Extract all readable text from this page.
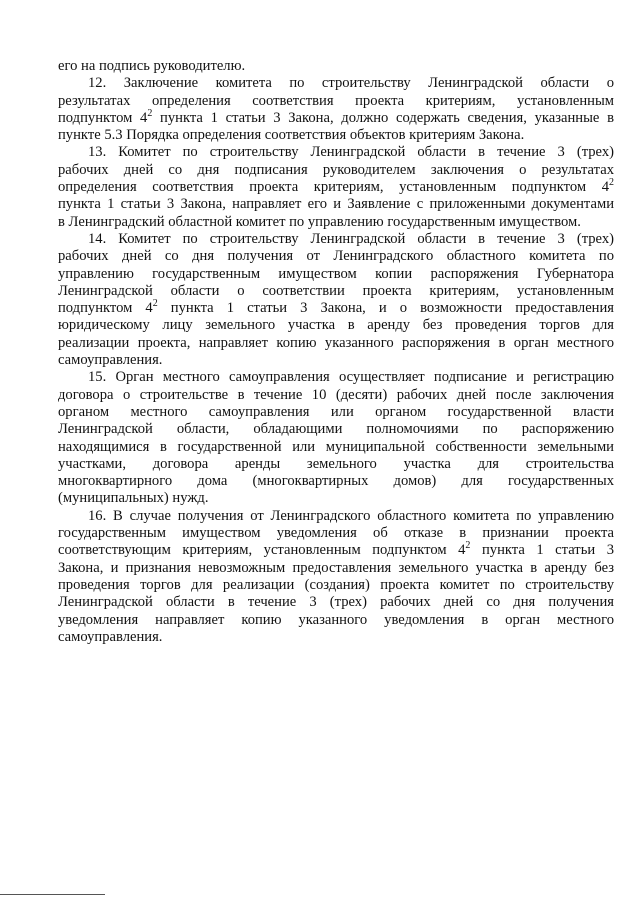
его на подпись руководителю.
12. Заключение комитета по строительству Ленинградской области о
результатах определения соответствия проекта критериям, установленным
подпунктом $4^2$ пункта 1 статьи 3 Закона, должно содержать сведения, указанные в
пункте 5.3 Порядка определения соответствия объектов критериям Закона.
13. Комитет по строительству Ленинградской области в течение 3 (трех)
рабочих дней со дня подписания руководителем заключения о результатах
определения соответствия проекта критериям, установленным подпунктом $4^2$
пункта 1 статьи 3 Закона, направляет его и Заявление с приложенными документами
в Ленинградский областной комитет по управлению государственным имуществом.
14. Комитет по строительству Ленинградской области в течение 3 (трех)
рабочих дней со дня получения от Ленинградского областного комитета по
управлению государственным имуществом копии распоряжения Губернатора
Ленинградской области о соответствии проекта критериям, установленным
подпунктом $4^2$ пункта 1 статьи 3 Закона, и о возможности предоставления
юридическому лицу земельного участка в аренду без проведения торгов для
реализации проекта, направляет копию указанного распоряжения в орган местного
самоуправления.
15. Орган местного самоуправления осуществляет подписание и регистрацию
договора о строительстве в течение 10 (десяти) рабочих дней после заключения
органом местного самоуправления или органом государственной власти
Ленинградской области, обладающими полномочиями по распоряжению
находящимися в государственной или муниципальной собственности земельными
участками, договора аренды земельного участка для строительства
многоквартирного дома (многоквартирных домов) для государственных
(муниципальных) нужд.
16. В случае получения от Ленинградского областного комитета по управлению
государственным имуществом уведомления об отказе в признании проекта
соответствующим критериям, установленным подпунктом $4^2$ пункта 1 статьи 3
Закона, и признания невозможным предоставления земельного участка в аренду без
проведения торгов для реализации (создания) проекта комитет по строительству
Ленинградской области в течение 3 (трех) рабочих дней со дня получения
уведомления направляет копию указанного уведомления в орган местного
самоуправления.
